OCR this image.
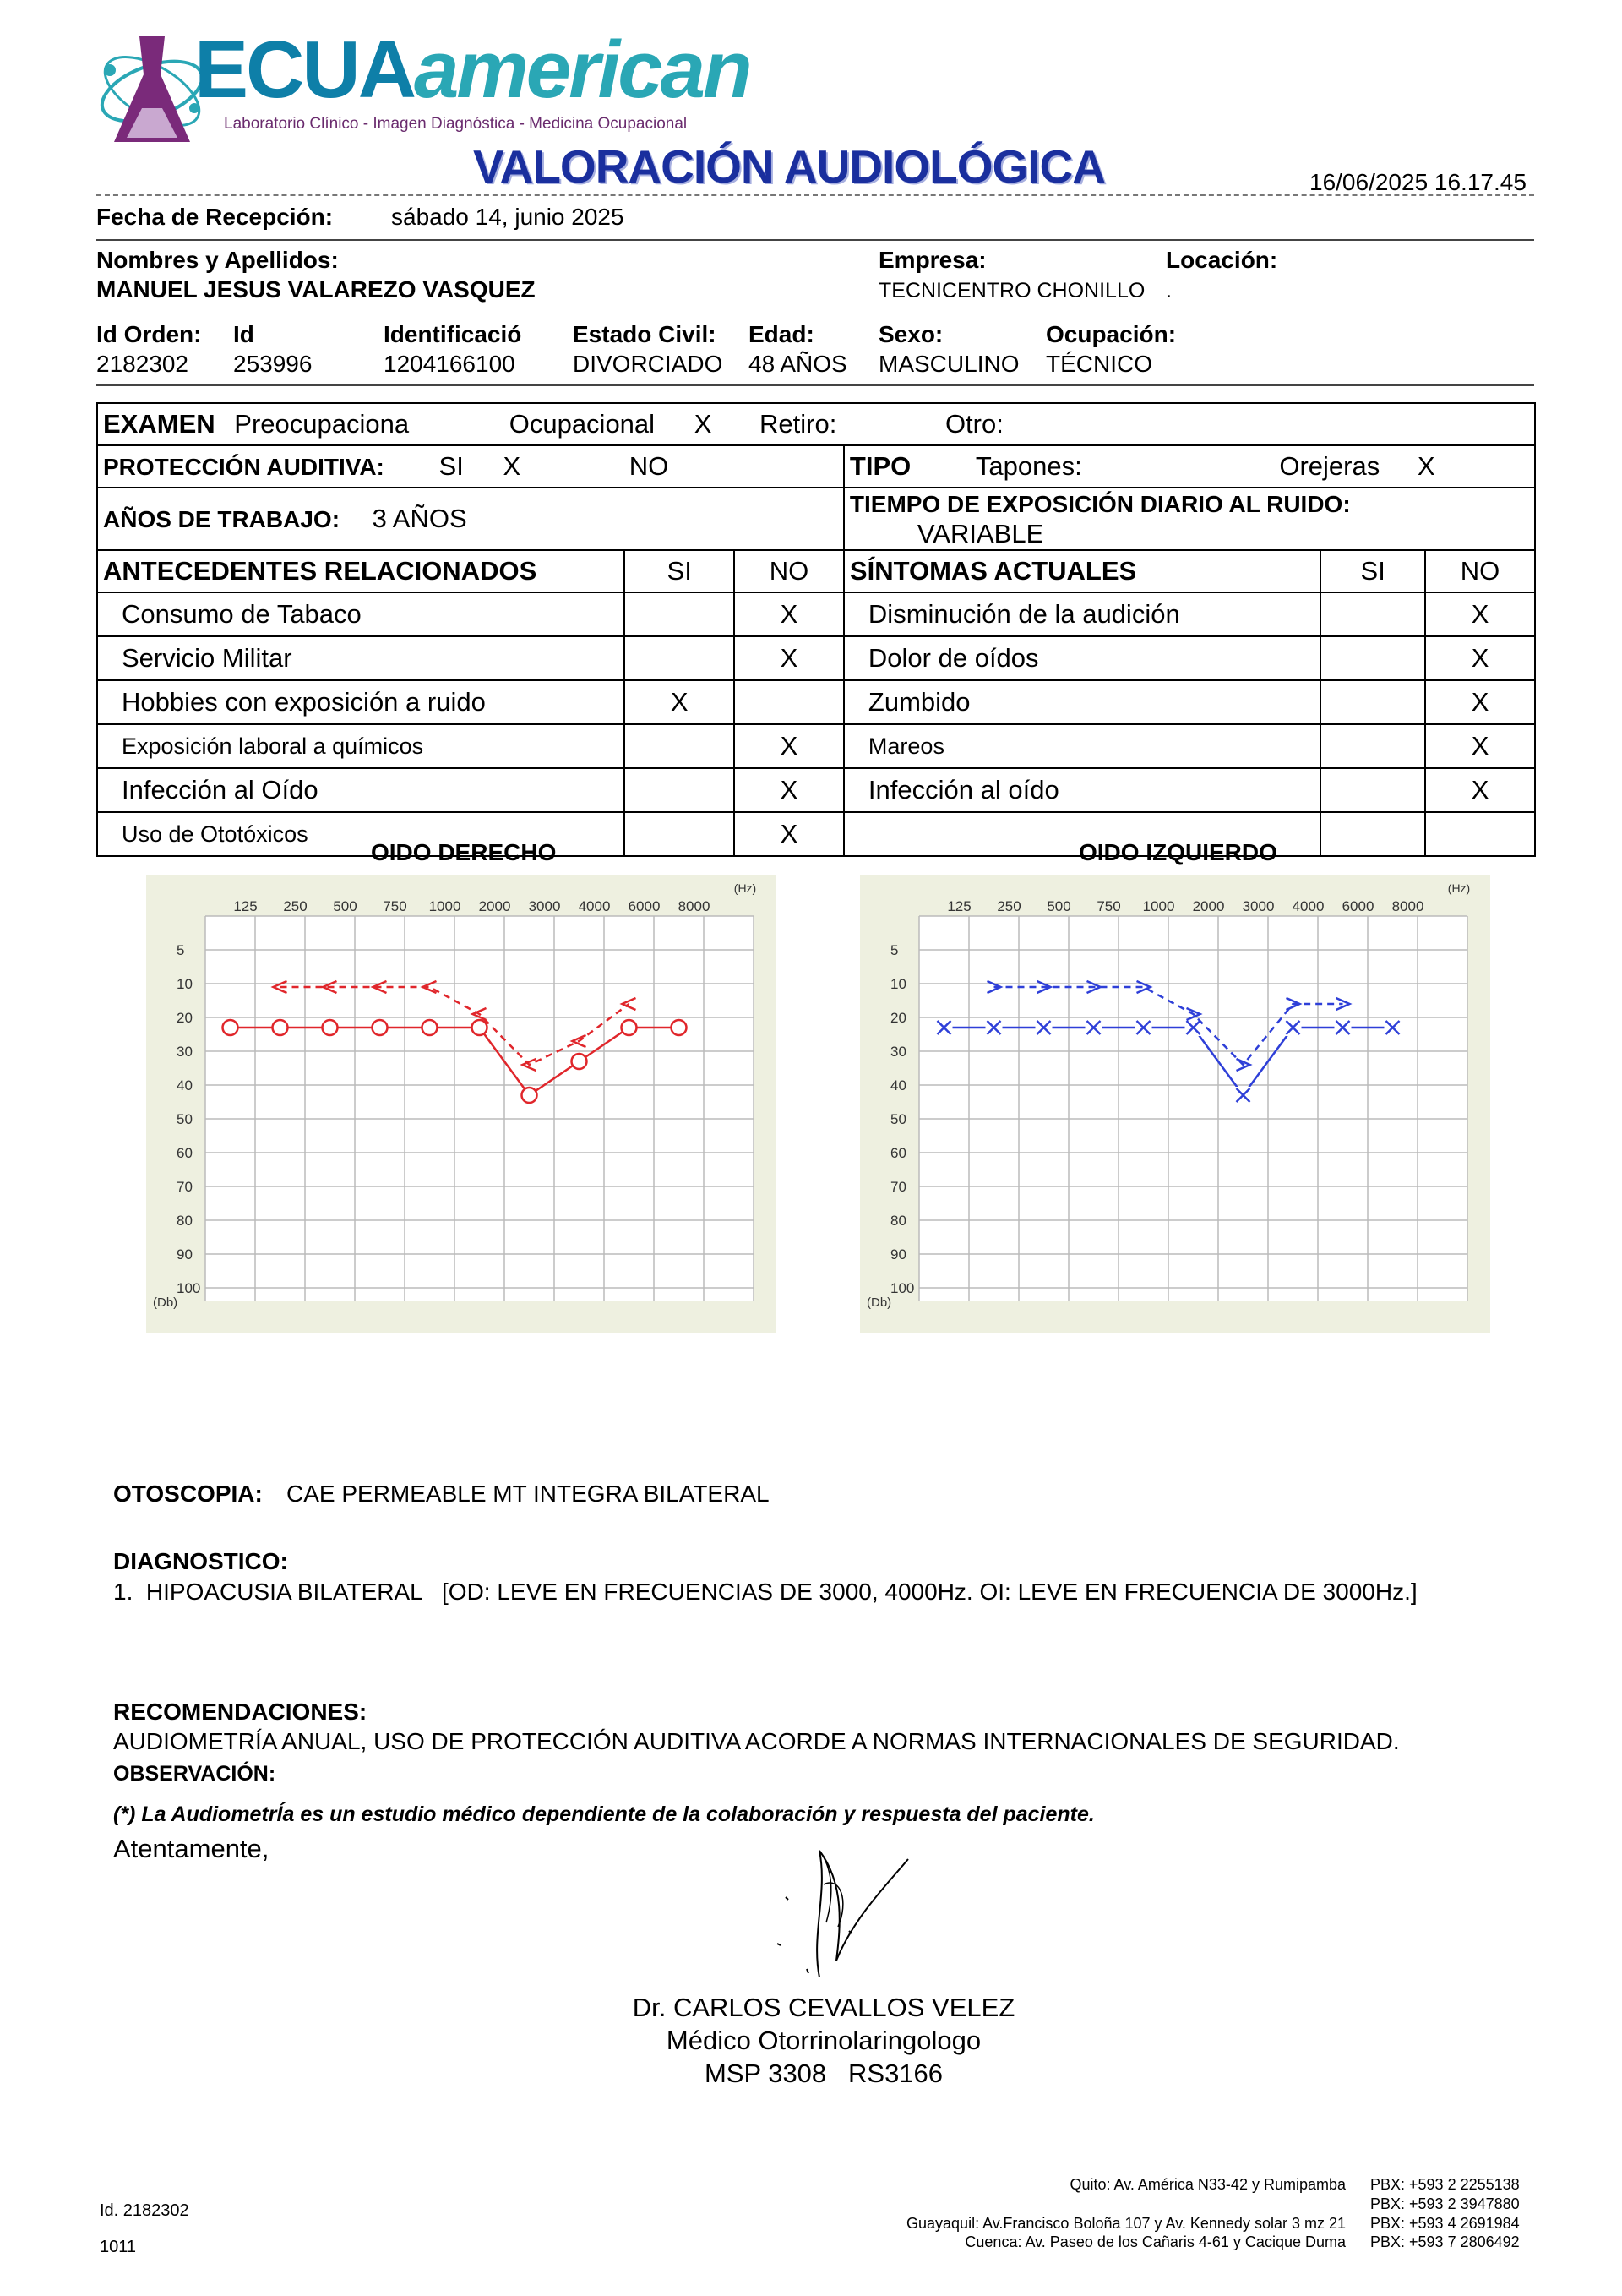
ECUAamerican
Laboratorio Clínico - Imagen Diagnóstica - Medicina Ocupacional
VALORACIÓN AUDIOLÓGICA	16/06/2025 16.17.45
Fecha de Recepción: sábado 14, junio 2025
Nombres y Apellidos:
MANUEL JESUS VALAREZO VASQUEZ
Empresa:
TECNICENTRO CHONILLO
Locación:
.
Id Orden:
2182302
Id
253996
Identificació
1204166100
Estado Civil:
DIVORCIADO
Edad:
48 AÑOS
Sexo:
MASCULINO
Ocupación:
TÉCNICO
EXAMEN Preocupaciona Ocupacional X Retiro: Otro:					
PROTECCIÓN AUDITIVA: SI X NO			TIPO Tapones: Orejeras X		
AÑOS DE TRABAJO: 3 AÑOS			TIEMPO DE EXPOSICIÓN DIARIO AL RUIDO: VARIABLE		
ANTECEDENTES RELACIONADOS	SI	NO	SÍNTOMAS ACTUALES	SI	NO
Consumo de Tabaco		X	Disminución de la audición		X
Servicio Militar		X	Dolor de oídos		X
Hobbies con exposición a ruido	X		Zumbido		X
Exposición laboral a químicos		X	Mareos		X
Infección al Oído		X	Infección al oído		X
Uso de Ototóxicos		X			
OIDO DERECHO	OIDO IZQUIERDO
125 250 500 750 1000 2000 3000 4000 6000 8000
(Hz)
5
10
20
30
40
50
60
70
80
90
100
(Db)
125 250 500 750 1000 2000 3000 4000 6000 8000
(Hz)
5
10
20
30
40
50
60
70
80
90
100
(Db)
OTOSCOPIA: CAE PERMEABLE MT INTEGRA BILATERAL
DIAGNOSTICO:
1.  HIPOACUSIA BILATERAL   [OD: LEVE EN FRECUENCIAS DE 3000, 4000Hz. OI: LEVE EN FRECUENCIA DE 3000Hz.]
RECOMENDACIONES:
AUDIOMETRÍA ANUAL, USO DE PROTECCIÓN AUDITIVA ACORDE A NORMAS INTERNACIONALES DE SEGURIDAD.
OBSERVACIÓN:
(*) La AudiometrÍa es un estudio médico dependiente de la colaboración y respuesta del paciente.
Atentamente,
Dr. CARLOS CEVALLOS VELEZ
Médico Otorrinolaringologo
MSP 3308   RS3166
Id. 2182302
1011
Quito: Av. América N33-42 y Rumipamba
Guayaquil: Av.Francisco Boloña 107 y Av. Kennedy solar 3 mz 21
Cuenca: Av. Paseo de los Cañaris 4-61 y Cacique Duma
PBX: +593 2 2255138
PBX: +593 2 3947880
PBX: +593 4 2691984
PBX: +593 7 2806492
